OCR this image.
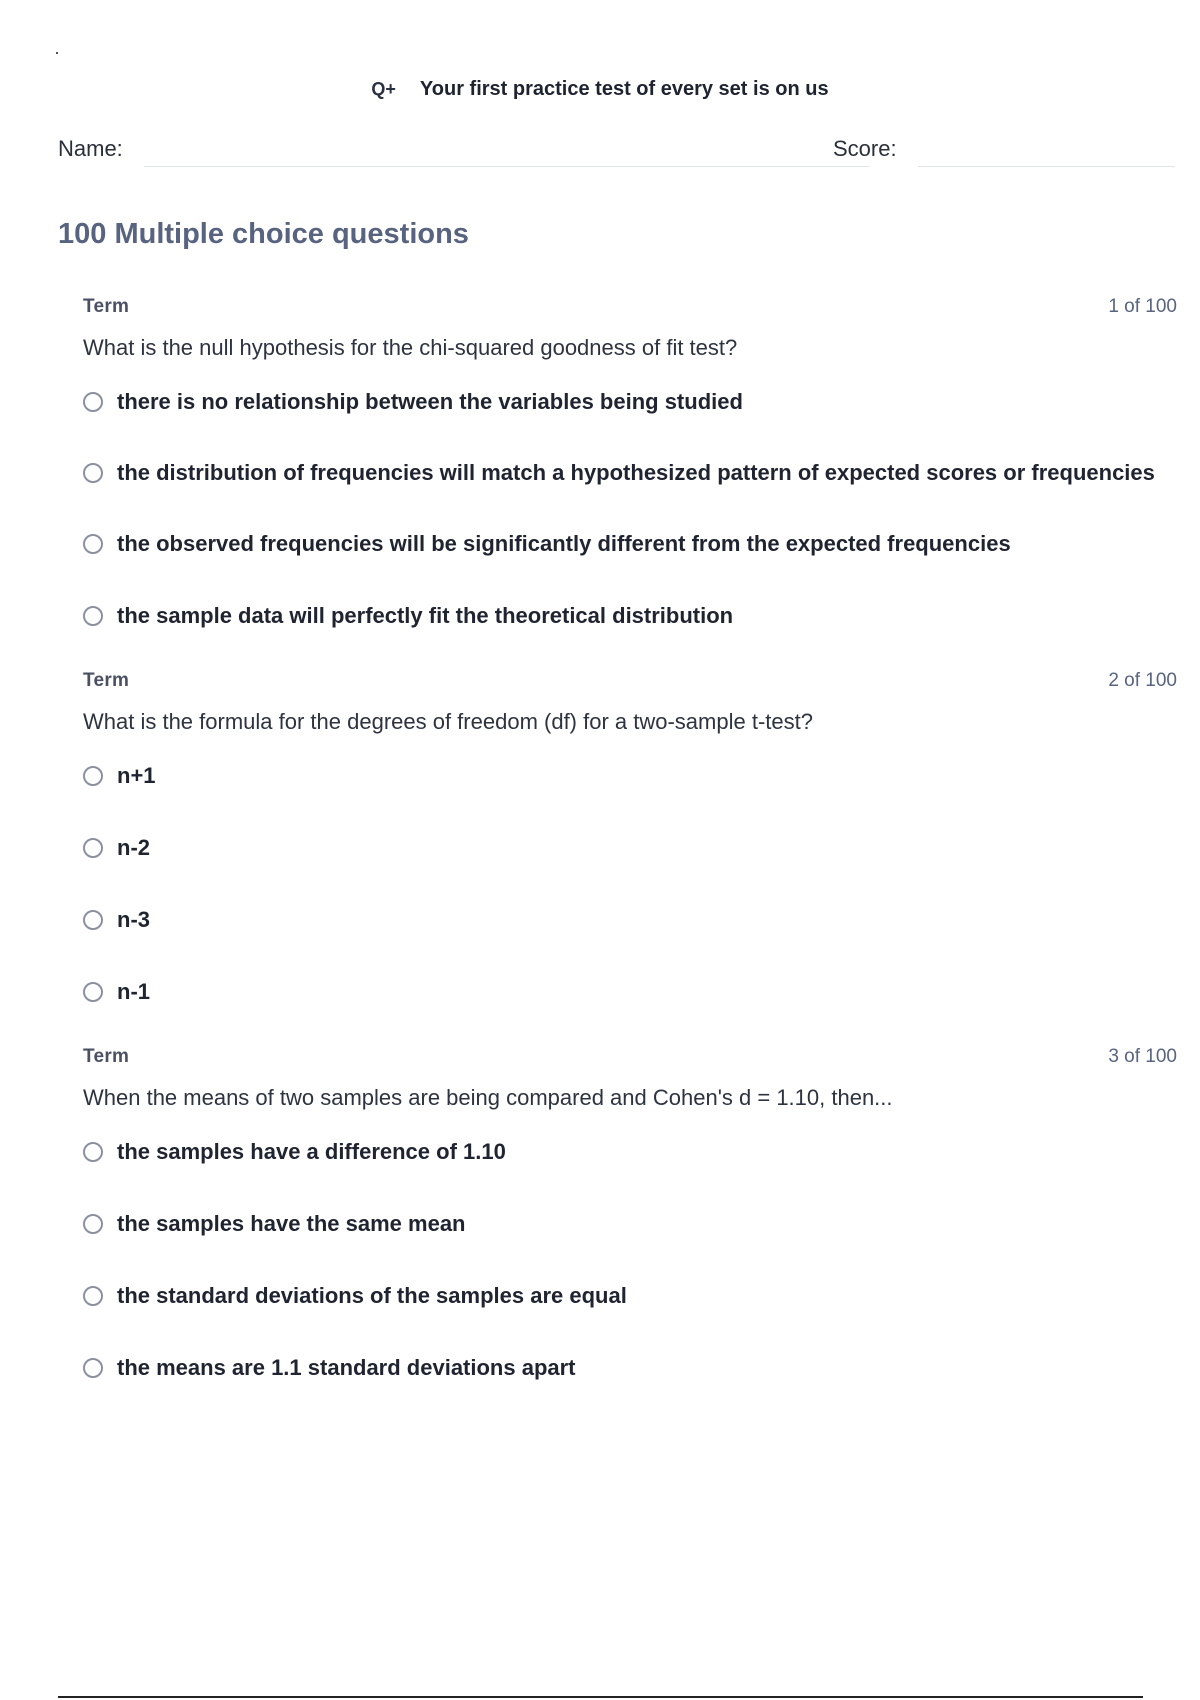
Q+ Your first practice test of every set is on us
Name:	Score:
100 Multiple choice questions
Term	1 of 100
What is the null hypothesis for the chi-squared goodness of fit test?
there is no relationship between the variables being studied
the distribution of frequencies will match a hypothesized pattern of expected scores or frequencies
the observed frequencies will be significantly different from the expected frequencies
the sample data will perfectly fit the theoretical distribution
Term	2 of 100
What is the formula for the degrees of freedom (df) for a two-sample t-test?
n+1
n-2
n-3
n-1
Term	3 of 100
When the means of two samples are being compared and Cohen's d = 1.10, then...
the samples have a difference of 1.10
the samples have the same mean
the standard deviations of the samples are equal
the means are 1.1 standard deviations apart
